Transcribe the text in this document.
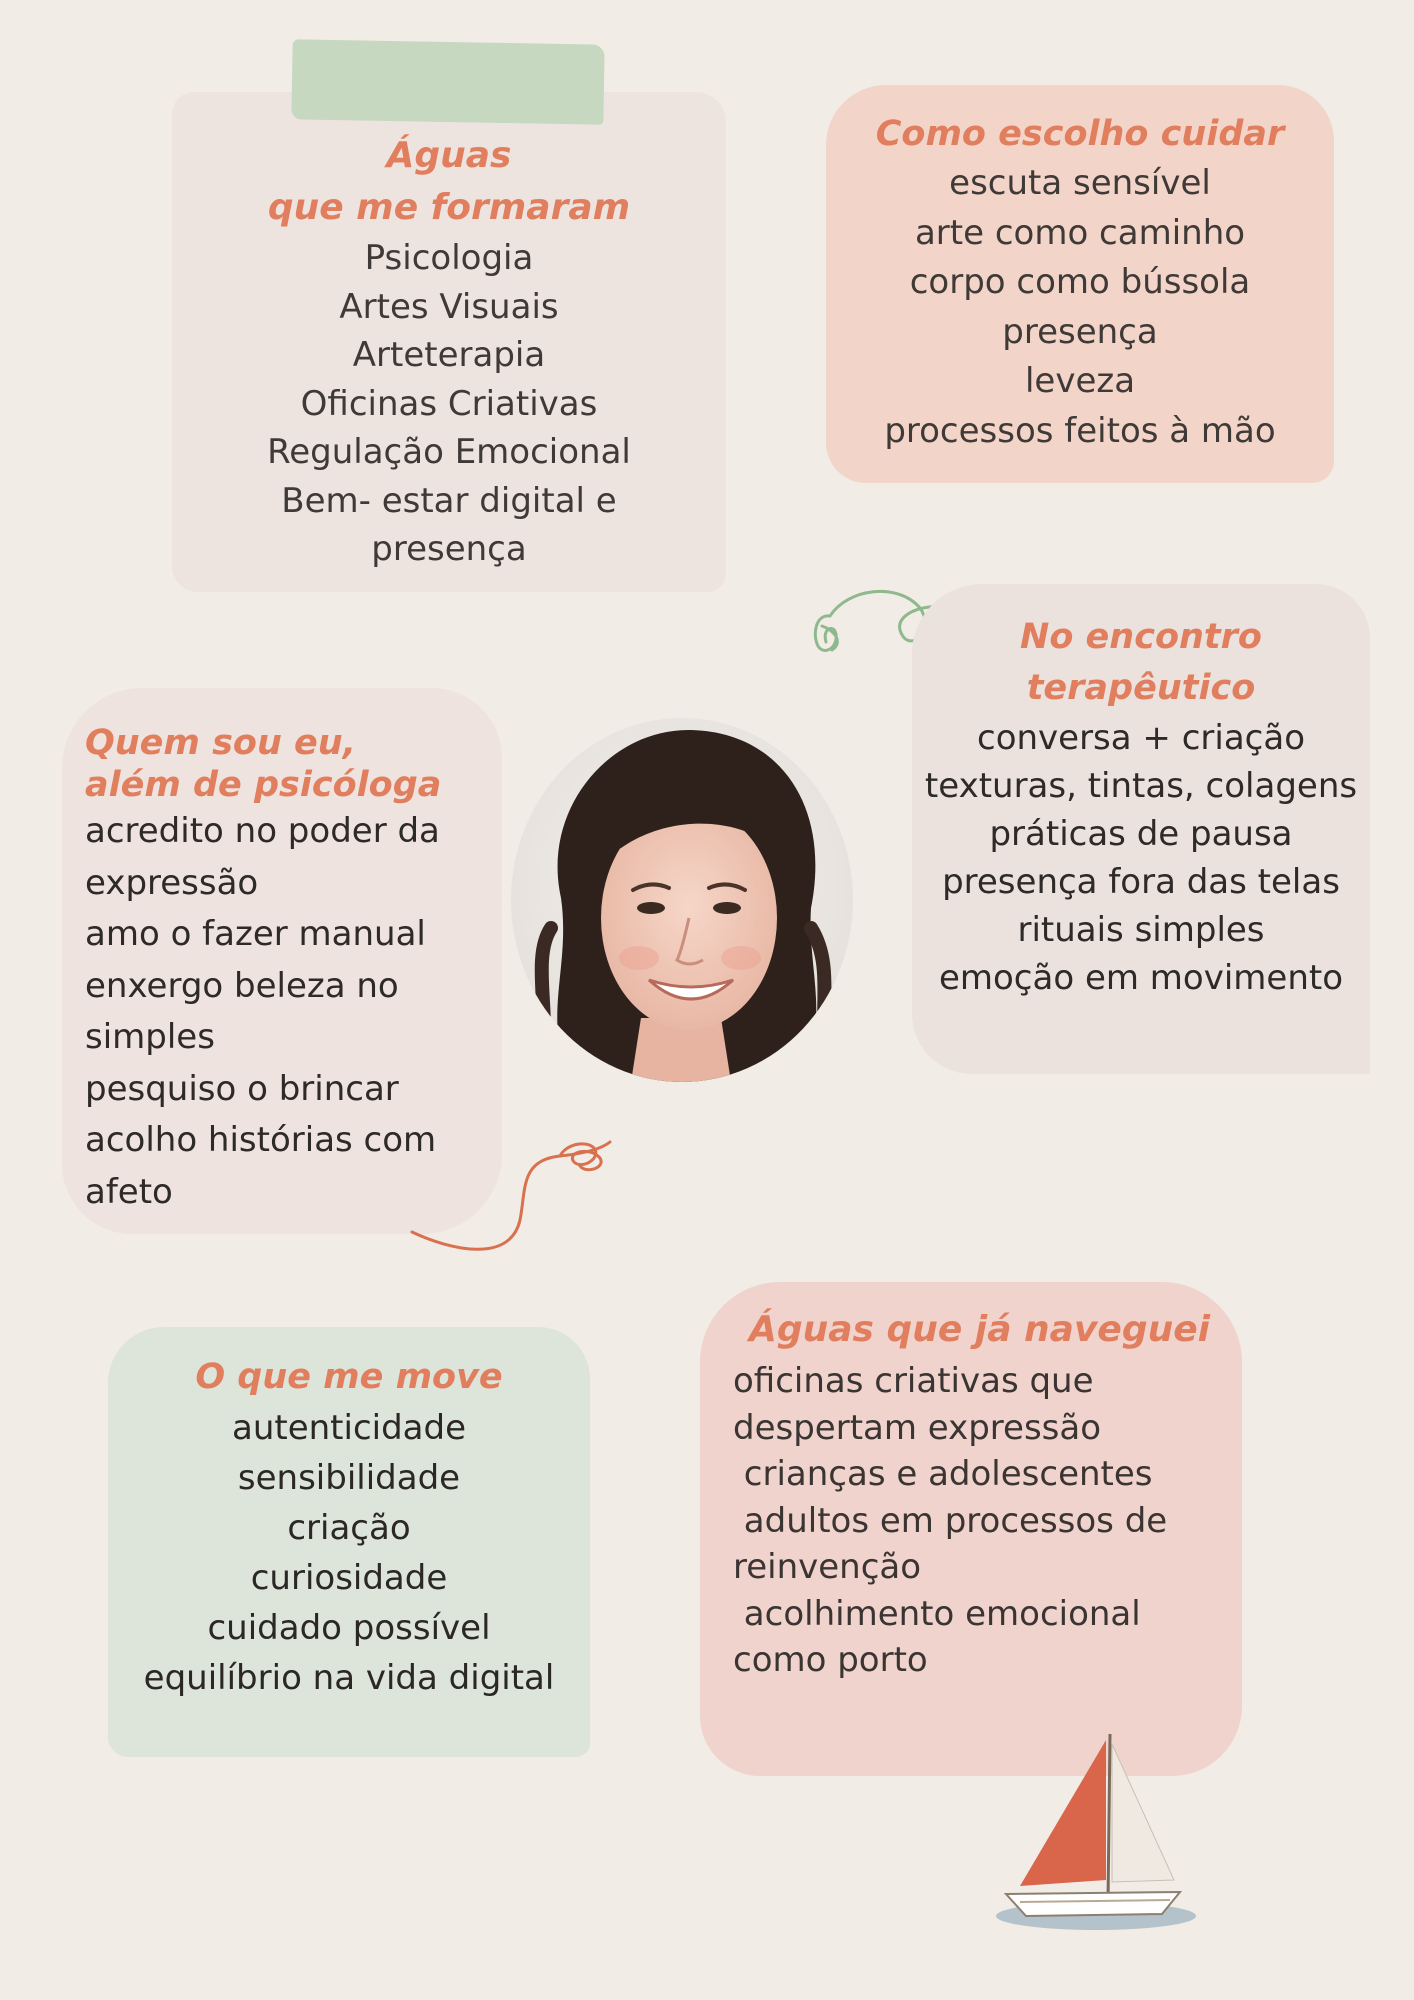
Águas
que me formaram
Psicologia
Artes Visuais
Arteterapia
Oficinas Criativas
Regulação Emocional
Bem- estar digital e
presença
Como escolho cuidar
escuta sensível
arte como caminho
corpo como bússola
presença
leveza
processos feitos à mão
No encontro
terapêutico
conversa + criação
texturas, tintas, colagens
práticas de pausa
presença fora das telas
rituais simples
emoção em movimento
Quem sou eu,
além de psicóloga
acredito no poder da
expressão
amo o fazer manual
enxergo beleza no
simples
pesquiso o brincar
acolho histórias com
afeto
O que me move
autenticidade
sensibilidade
criação
curiosidade
cuidado possível
equilíbrio na vida digital
Águas que já naveguei
oficinas criativas que
despertam expressão
crianças e adolescentes
adultos em processos de
reinvenção
acolhimento emocional
como porto
